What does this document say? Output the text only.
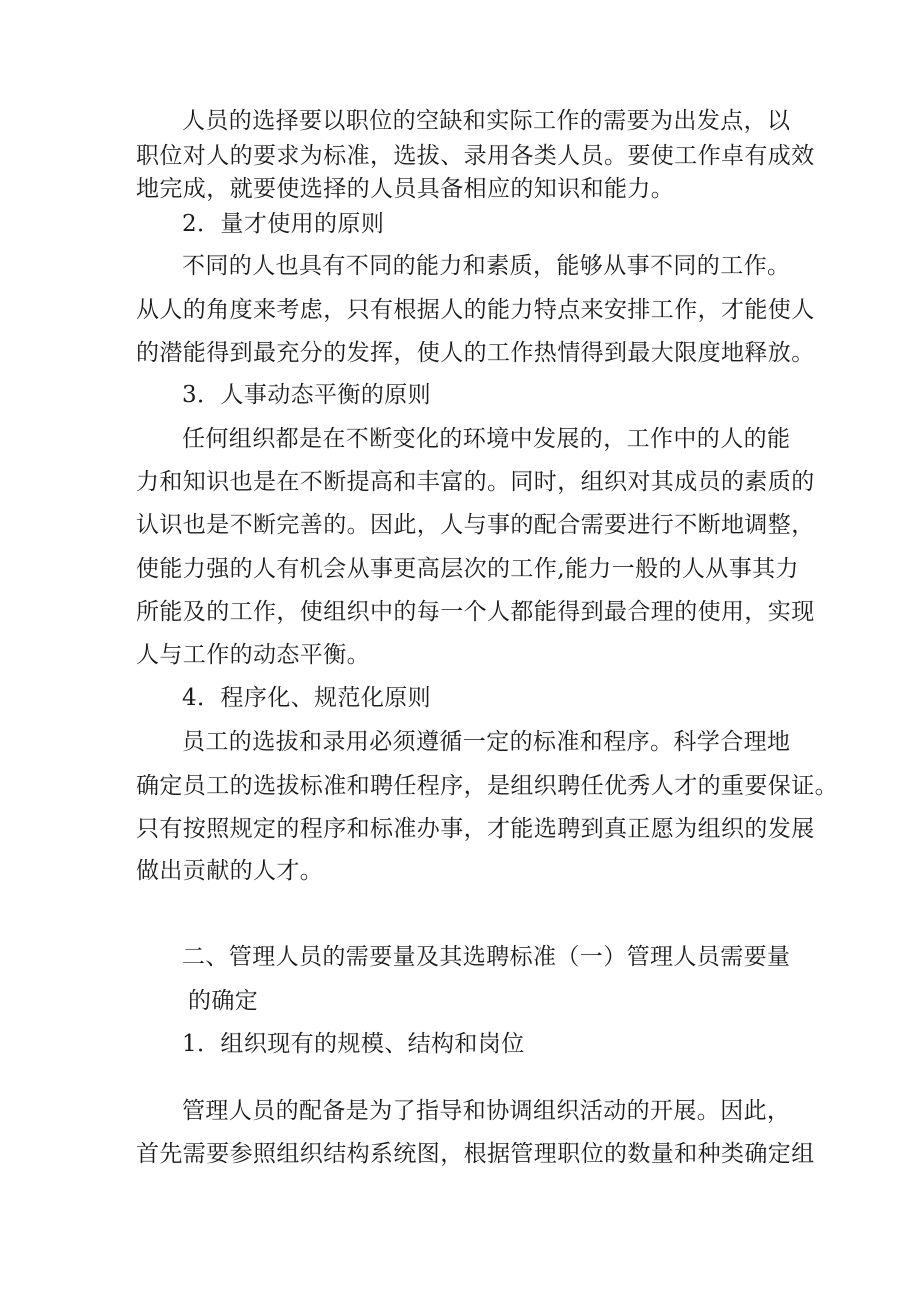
人员的选择要以职位的空缺和实际工作的需要为出发点，以
职位对人的要求为标准，选拔、录用各类人员。要使工作卓有成效
地完成，就要使选择的人员具备相应的知识和能力。
2．量才使用的原则
不同的人也具有不同的能力和素质，能够从事不同的工作。
从人的角度来考虑，只有根据人的能力特点来安排工作，才能使人
的潜能得到最充分的发挥，使人的工作热情得到最大限度地释放。
3．人事动态平衡的原则
任何组织都是在不断变化的环境中发展的，工作中的人的能
力和知识也是在不断提高和丰富的。同时，组织对其成员的素质的
认识也是不断完善的。因此，人与事的配合需要进行不断地调整，
使能力强的人有机会从事更高层次的工作,能力一般的人从事其力
所能及的工作，使组织中的每一个人都能得到最合理的使用，实现
人与工作的动态平衡。
4．程序化、规范化原则
员工的选拔和录用必须遵循一定的标准和程序。科学合理地
确定员工的选拔标准和聘任程序，是组织聘任优秀人才的重要保证。
只有按照规定的程序和标准办事，才能选聘到真正愿为组织的发展
做出贡献的人才。
二、管理人员的需要量及其选聘标准（一）管理人员需要量
的确定
1．组织现有的规模、结构和岗位
管理人员的配备是为了指导和协调组织活动的开展。因此，
首先需要参照组织结构系统图，根据管理职位的数量和种类确定组
